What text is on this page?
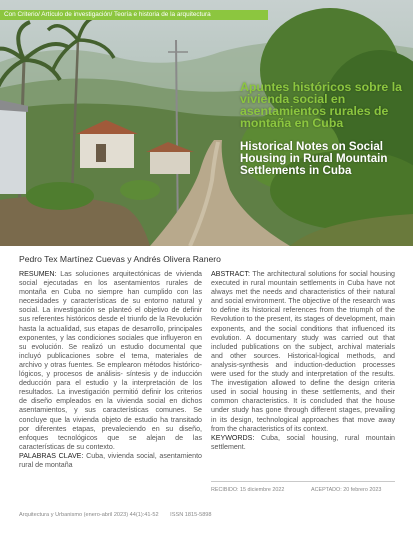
Con Criterio/ Artículo de investigación/ Teoría e historia de la arquitectura
Apuntes históricos sobre la vivienda social en asentamientos rurales de montaña en Cuba
Historical Notes on Social Housing in Rural Mountain Settlements in Cuba
Pedro Tex Martínez Cuevas y Andrés Olivera Ranero

RESUMEN: Las soluciones arquitectónicas de vivienda social ejecutadas en los asentamientos rurales de montaña en Cuba no siempre han cumplido con las necesidades y características de su entorno natural y social. La investigación se planteó el objetivo de definir sus referentes históricos desde el triunfo de la Revolución hasta la actualidad, sus etapas de desarrollo, principales exponentes, y las condiciones sociales que influyeron en su evolución. Se realizó un estudio documental que incluyó publicaciones sobre el tema, materiales de archivo y otras fuentes. Se emplearon métodos histórico-lógicos, y procesos de análisis- síntesis y de inducción deducción para el estudio y la interpretación de los resultados. La investigación permitió definir los criterios de diseño empleados en la vivienda social en dichos asentamientos, y sus características comunes. Se concluye que la vivienda objeto de estudio ha transitado por diferentes etapas, prevaleciendo en su diseño, enfoques tecnológicos que se alejan de las características de su contexto.

PALABRAS CLAVE: Cuba, vivienda social, asentamiento rural de montaña

ABSTRACT: The architectural solutions for social housing executed in rural mountain settlements in Cuba have not always met the needs and characteristics of their natural and social environment. The objective of the research was to define its historical references from the triumph of the Revolution to the present, its stages of development, main exponents, and the social conditions that influenced its evolution. A documentary study was carried out that included publications on the subject, archival materials and other sources. Historical-logical methods, and analysis-synthesis and induction-deduction processes were used for the study and interpretation of the results. The investigation allowed to define the design criteria used in social housing in these settlements, and their common characteristics. It is concluded that the house under study has gone through different stages, prevailing in its design, technological approaches that move away from the characteristics of its context.

KEYWORDS: Cuba, social housing, rural mountain settlement.

RECIBIDO: 15 diciembre 2022	ACEPTADO: 20 febrero 2023
Arquitectura y Urbanismo (enero-abril 2023) 44(1):41-52 ISSN 1815-5898
